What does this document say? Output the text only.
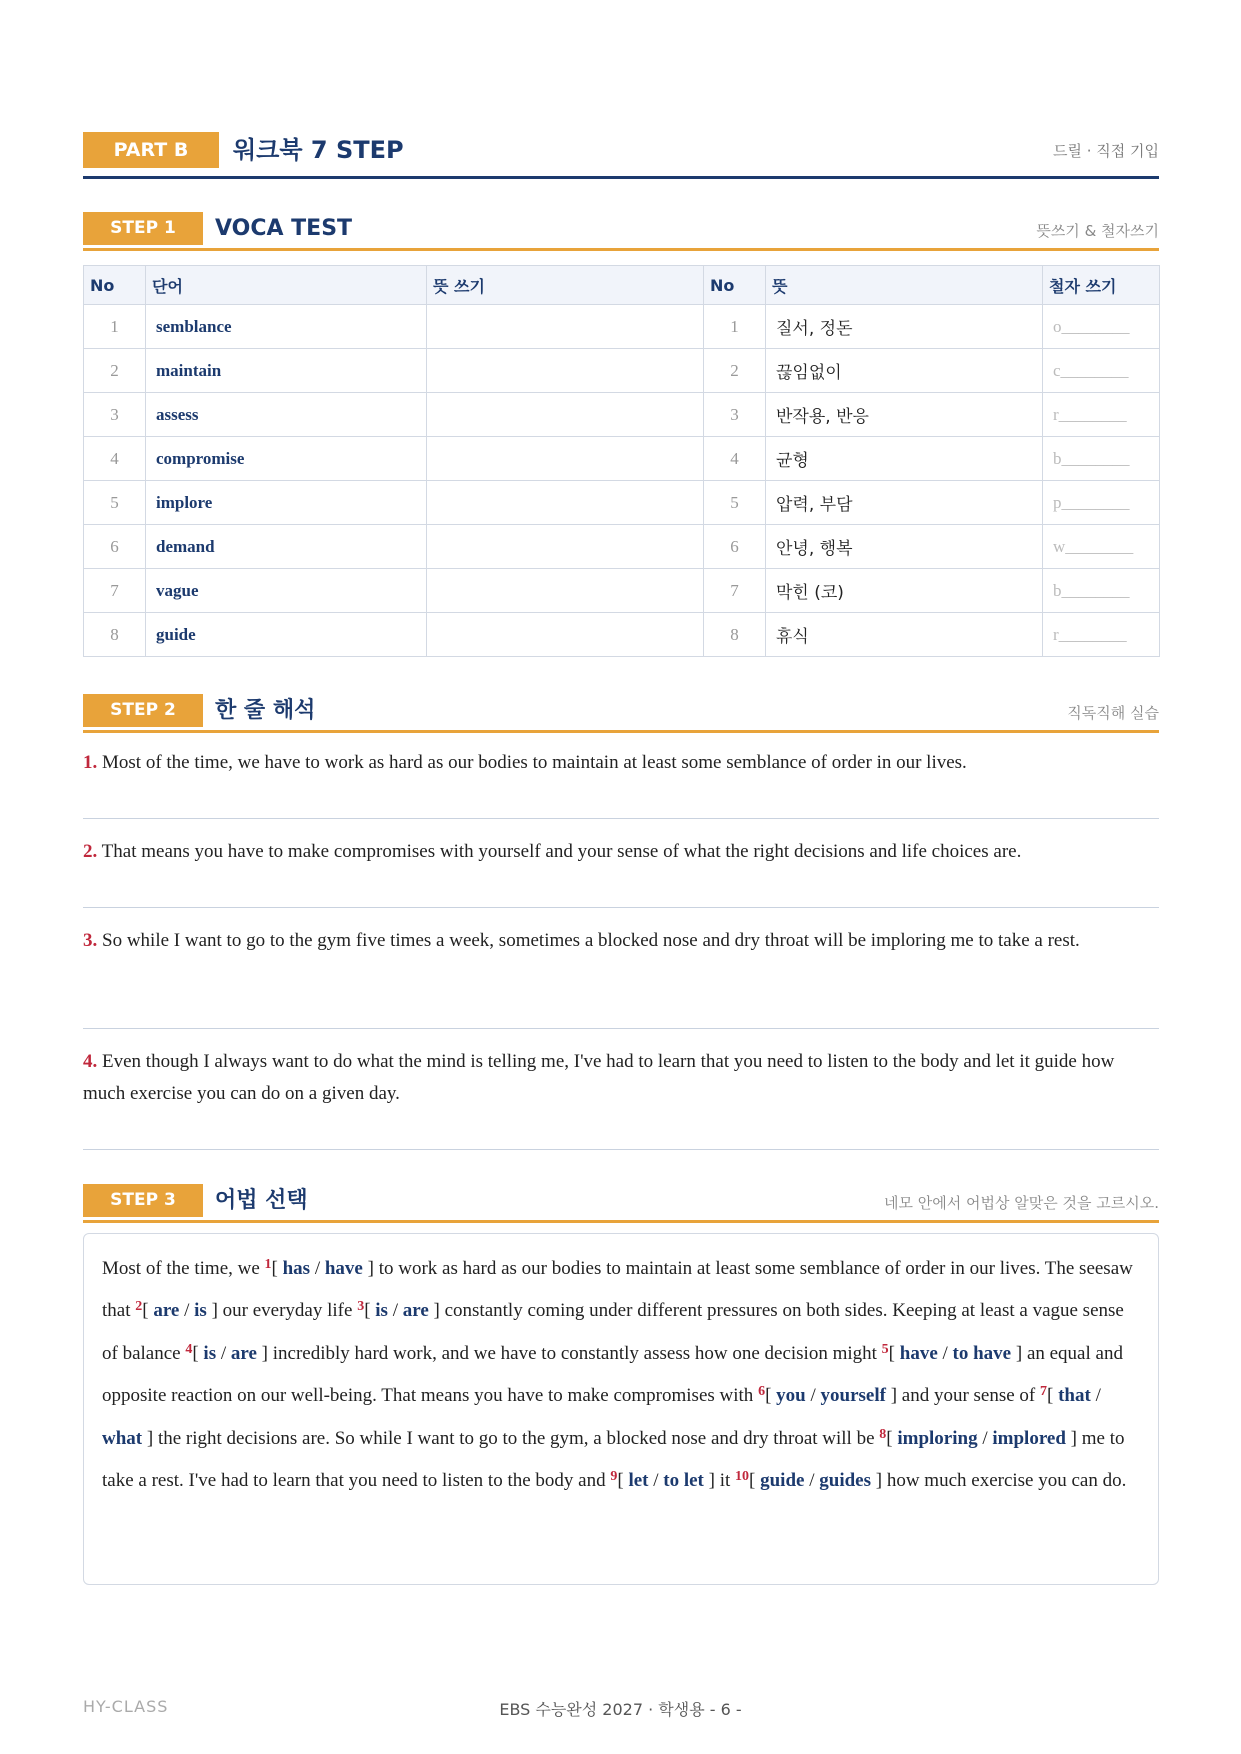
PART B	워크북 7 STEP	드릴 · 직접 기입
STEP 1	VOCA TEST	뜻쓰기 & 철자쓰기
No	단어	뜻 쓰기	No	뜻	철자 쓰기
1	semblance		1	질서, 정돈	o________
2	maintain		2	끊임없이	c________
3	assess		3	반작용, 반응	r________
4	compromise		4	균형	b________
5	implore		5	압력, 부담	p________
6	demand		6	안녕, 행복	w________
7	vague		7	막힌 (코)	b________
8	guide		8	휴식	r________
STEP 2	한 줄 해석	직독직해 실습
1. Most of the time, we have to work as hard as our bodies to maintain at least some semblance of order in our lives.
2. That means you have to make compromises with yourself and your sense of what the right decisions and life choices are.
3. So while I want to go to the gym five times a week, sometimes a blocked nose and dry throat will be imploring me to take a rest.
4. Even though I always want to do what the mind is telling me, I've had to learn that you need to listen to the body and let it guide how much exercise you can do on a given day.
STEP 3	어법 선택	네모 안에서 어법상 알맞은 것을 고르시오.

Most of the time, we $^1$[ has / have ] to work as hard as our bodies to maintain at least some semblance of order in our lives. The seesaw that $^2$[ are / is ] our everyday life $^3$[ is / are ] constantly coming under different pressures on both sides. Keeping at least a vague sense of balance $^4$[ is / are ] incredibly hard work, and we have to constantly assess how one decision might $^5$[ have / to have ] an equal and opposite reaction on our well-being. That means you have to make compromises with $^6$[ you / yourself ] and your sense of $^7$[ that / what ] the right decisions are. So while I want to go to the gym, a blocked nose and dry throat will be $^8$[ imploring / implored ] me to take a rest. I've had to learn that you need to listen to the body and $^9$[ let / to let ] it $^{10}$[ guide / guides ] how much exercise you can do.

HY-CLASS	EBS 수능완성 2027 · 학생용 - 6 -
